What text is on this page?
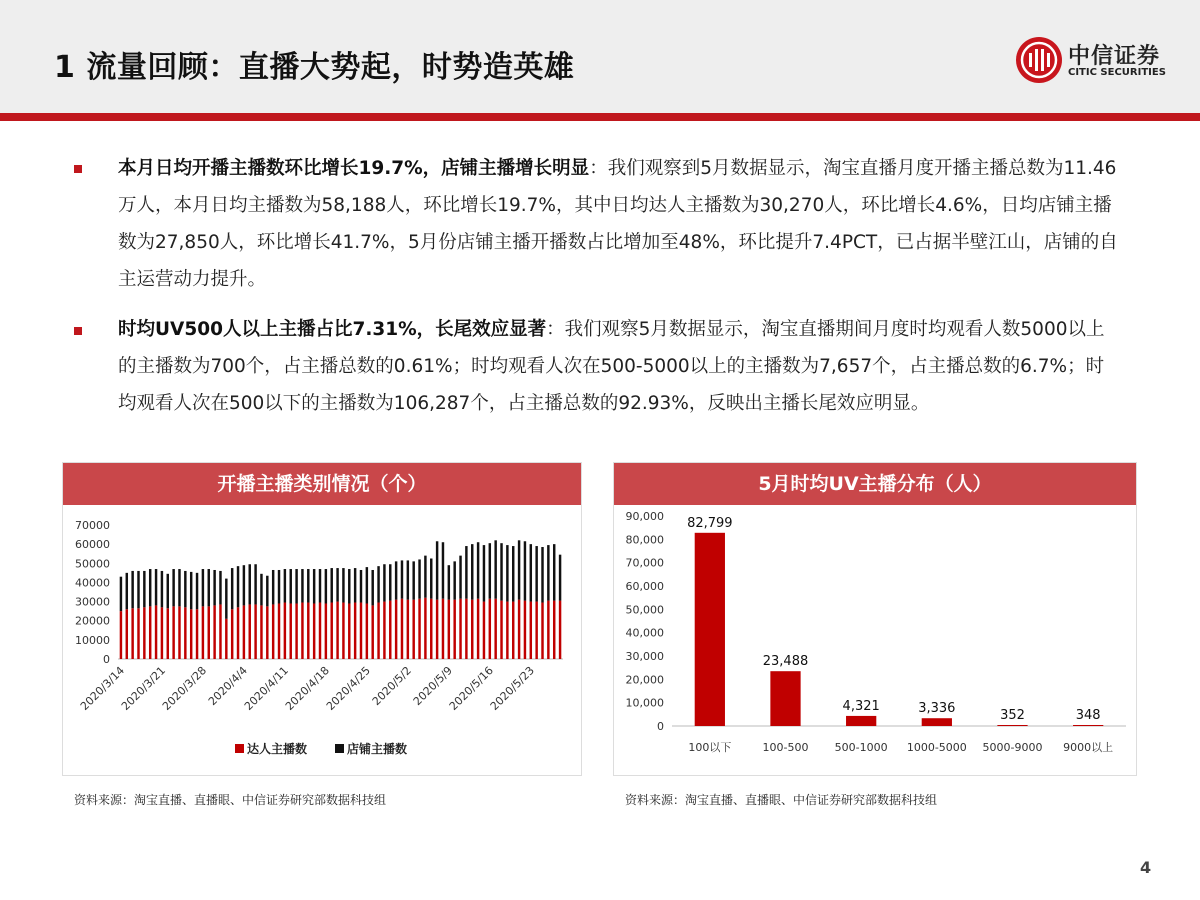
1 流量回顾：直播大势起，时势造英雄	中信证券
CITIC SECURITIES
本月日均开播主播数环比增长19.7%，店铺主播增长明显：我们观察到5月数据显示，淘宝直播月度开播主播总数为11.46万人，本月日均主播数为58,188人，环比增长19.7%，其中日均达人主播数为30,270人，环比增长4.6%，日均店铺主播数为27,850人，环比增长41.7%，5月份店铺主播开播数占比增加至48%，环比提升7.4PCT，已占据半壁江山，店铺的自主运营动力提升。
时均UV500人以上主播占比7.31%，长尾效应显著：我们观察5月数据显示，淘宝直播期间月度时均观看人数5000以上的主播数为700个，占主播总数的0.61%；时均观看人次在500-5000以上的主播数为7,657个，占主播总数的6.7%；时均观看人次在500以下的主播数为106,287个，占主播总数的92.93%，反映出主播长尾效应明显。
开播主播类别情况（个）
0
10000
20000
30000
40000
50000
60000
70000
2020/3/14
2020/3/21
2020/3/28
2020/4/4
2020/4/11
2020/4/18
2020/4/25
2020/5/2
2020/5/9
2020/5/16
2020/5/23
达人主播数	店铺主播数
资料来源：淘宝直播、直播眼、中信证券研究部数据科技组
5月时均UV主播分布（人）
0
10,000
20,000
30,000
40,000
50,000
60,000
70,000
80,000
90,000 82,799
100以下
23,488
100-500
4,321
500-1000
3,336
1000-5000
352
5000-9000
348
9000以上
资料来源：淘宝直播、直播眼、中信证券研究部数据科技组
4
